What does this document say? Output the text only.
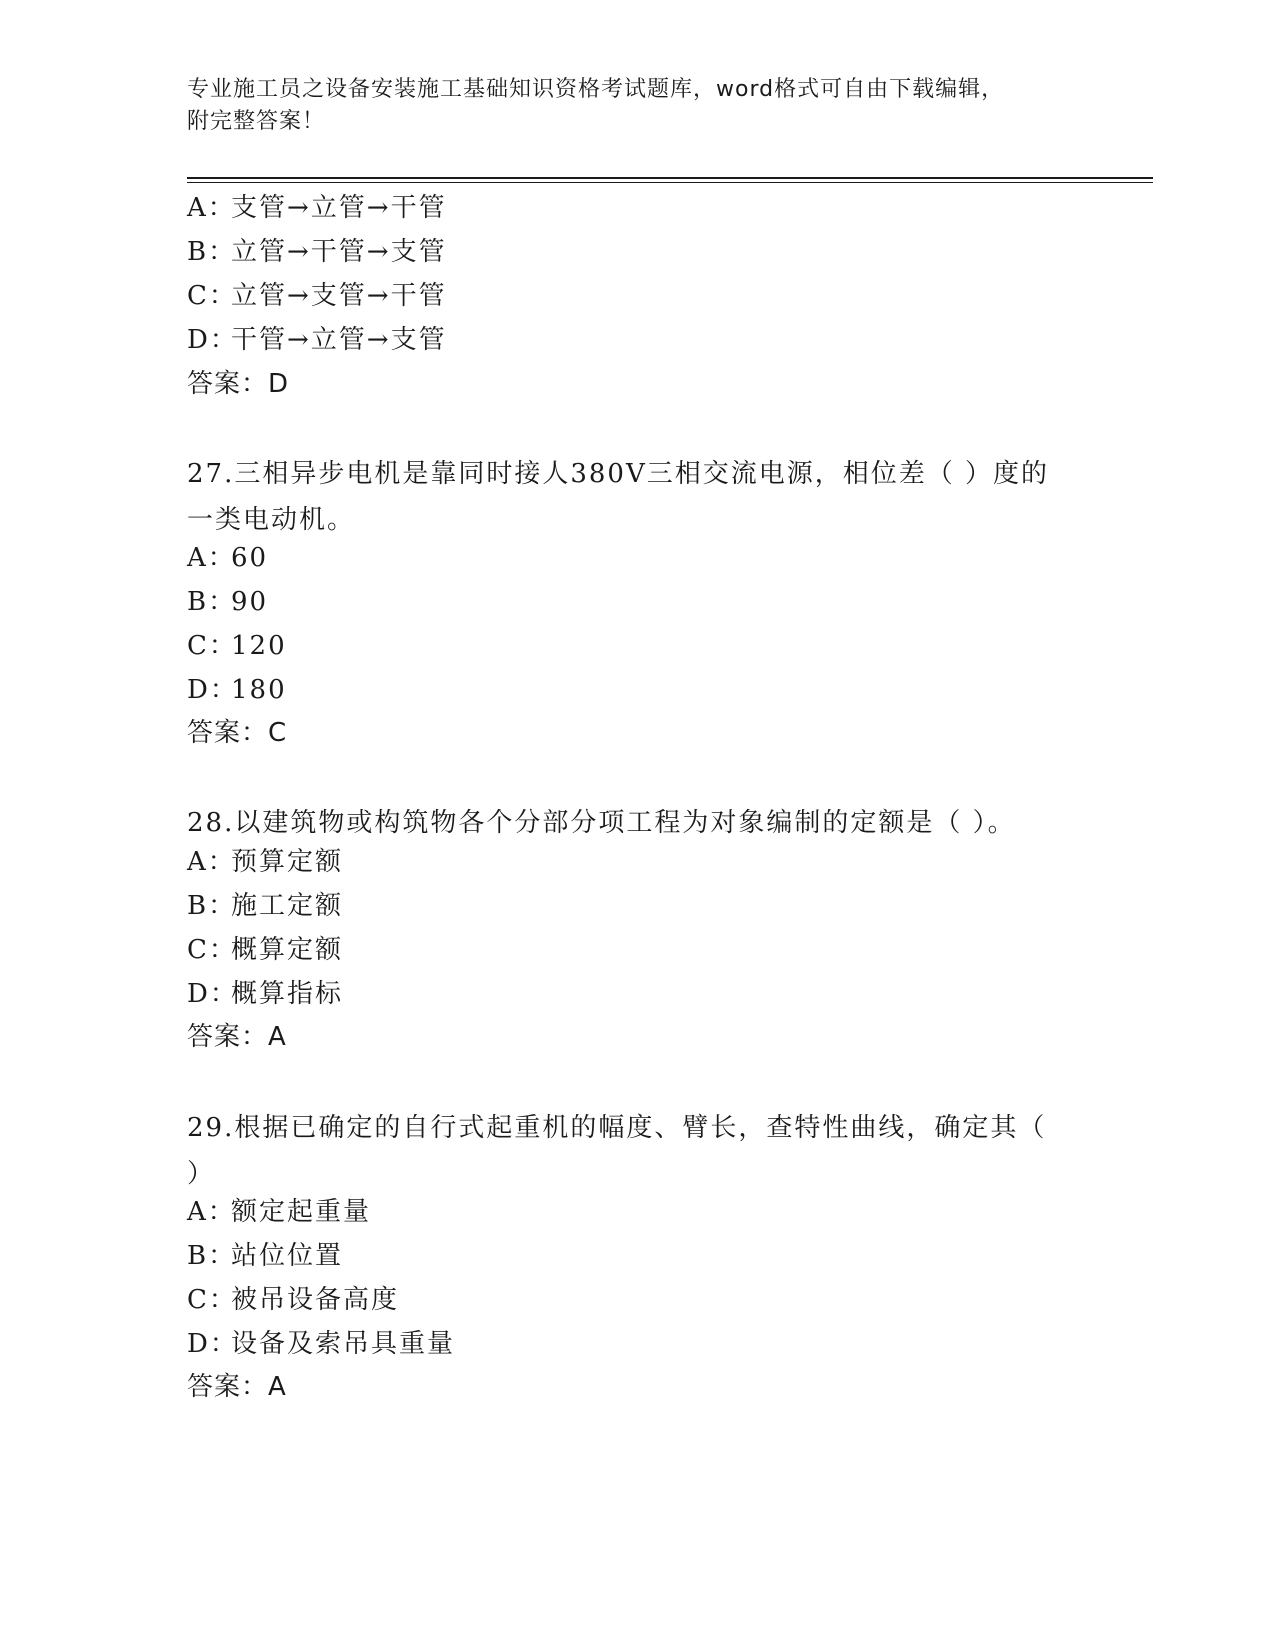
专业施工员之设备安装施工基础知识资格考试题库，word格式可自由下载编辑，
附完整答案！
A：支管→立管→干管
B：立管→干管→支管
C：立管→支管→干管
D：干管→立管→支管
答案：D
27.三相异步电机是靠同时接人380V三相交流电源，相位差（ ）度的一类电动机。
A：60
B：90
C：120
D：180
答案：C
28.以建筑物或构筑物各个分部分项工程为对象编制的定额是（ ）。
A：预算定额
B：施工定额
C：概算定额
D：概算指标
答案：A
29.根据已确定的自行式起重机的幅度、臂长，查特性曲线，确定其（ ）
A：额定起重量
B：站位位置
C：被吊设备高度
D：设备及索吊具重量
答案：A
